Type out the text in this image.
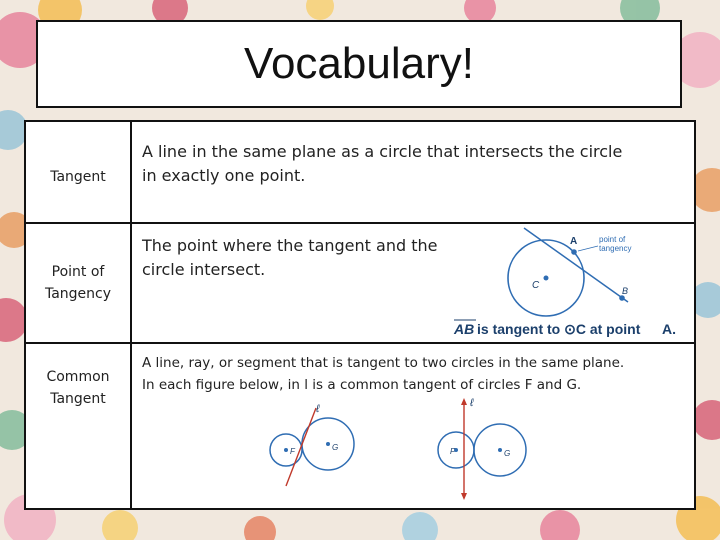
Vocabulary!
Tangent
A line in the same plane as a circle that intersects the circle
in exactly one point.
Point of
Tangency
The point where the tangent and the
circle intersect.
A
B
C
point of
tangency
AB is tangent to ⊙C at point A.
Common
Tangent
A line, ray, or segment that is tangent to two circles in the same plane.
In each figure below, in l is a common tangent of circles F and G.
ℓ
F	G
ℓ
F	G
